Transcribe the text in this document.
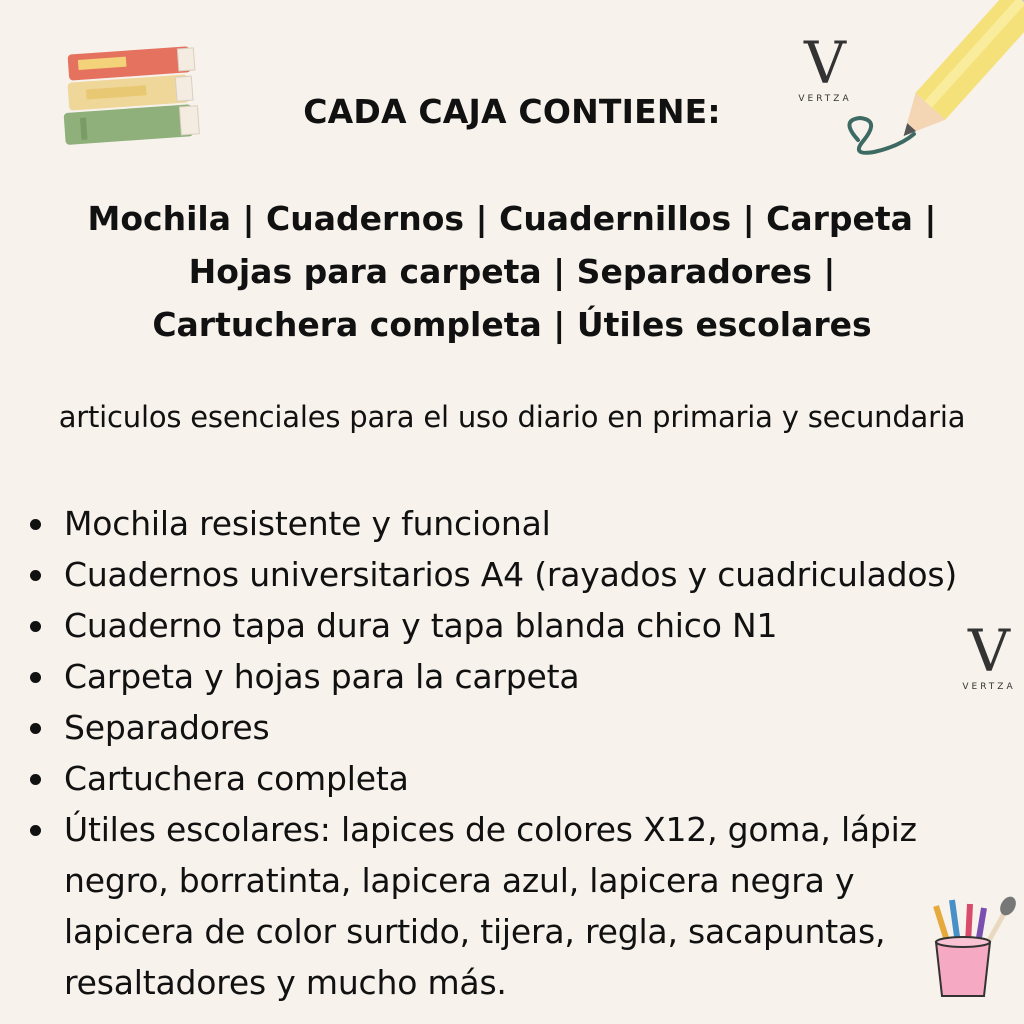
CADA CAJA CONTIENE:
V
VERTZA
Mochila | Cuadernos | Cuadernillos | Carpeta |
Hojas para carpeta | Separadores |
Cartuchera completa | Útiles escolares
articulos esenciales para el uso diario en primaria y secundaria
Mochila resistente y funcional
Cuadernos universitarios A4 (rayados y cuadriculados)
Cuaderno tapa dura y tapa blanda chico N1
Carpeta y hojas para la carpeta
Separadores
Cartuchera completa
Útiles escolares: lapices de colores X12, goma, lápiz negro, borratinta, lapicera azul, lapicera negra y lapicera de color surtido, tijera, regla, sacapuntas, resaltadores y mucho más.
V
VERTZA
